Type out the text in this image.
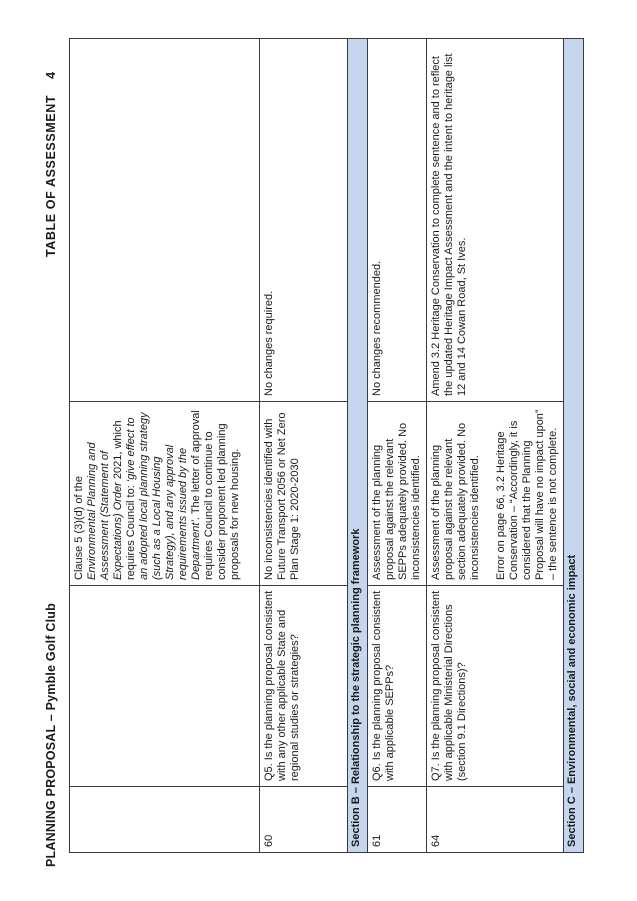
PLANNING PROPOSAL – Pymble Golf Club
TABLE OF ASSESSMENT4
		Clause 5 (3)(d) of the Environmental Planning and Assessment (Statement of Expectations) Order 2021, which requires Council to: ‘give effect to an adopted local planning strategy (such as a Local Housing Strategy), and any approval requirements issued by the Department’. The letter of approval requires Council to continue to consider proponent led planning proposals for new housing.	
60	Q5. Is the planning proposal consistent with any other applicable State and regional studies or strategies?	No inconsistencies identified with Future Transport 2056 or Net Zero Plan Stage 1: 2020-2030	No changes required.
Section B – Relationship to the strategic planning framework			
61	Q6. Is the planning proposal consistent with applicable SEPPs?	Assessment of the planning proposal against the relevant SEPPs adequately provided. No inconsistencies identified.	No changes recommended.
64	Q7. Is the planning proposal consistent with applicable Ministerial Directions (section 9.1 Directions)?	Assessment of the planning proposal against the relevant section adequately provided. No inconsistencies identified. Error on page 66, 3.2 Heritage Conservation – “Accordingly, it is considered that the Planning Proposal will have no impact upon” – the sentence is not complete.	Amend 3.2 Heritage Conservation to complete sentence and to reflect the updated Heritage Impact Assessment and the intent to heritage list 12 and 14 Cowan Road, St Ives.
Section C – Environmental, social and economic impact			
